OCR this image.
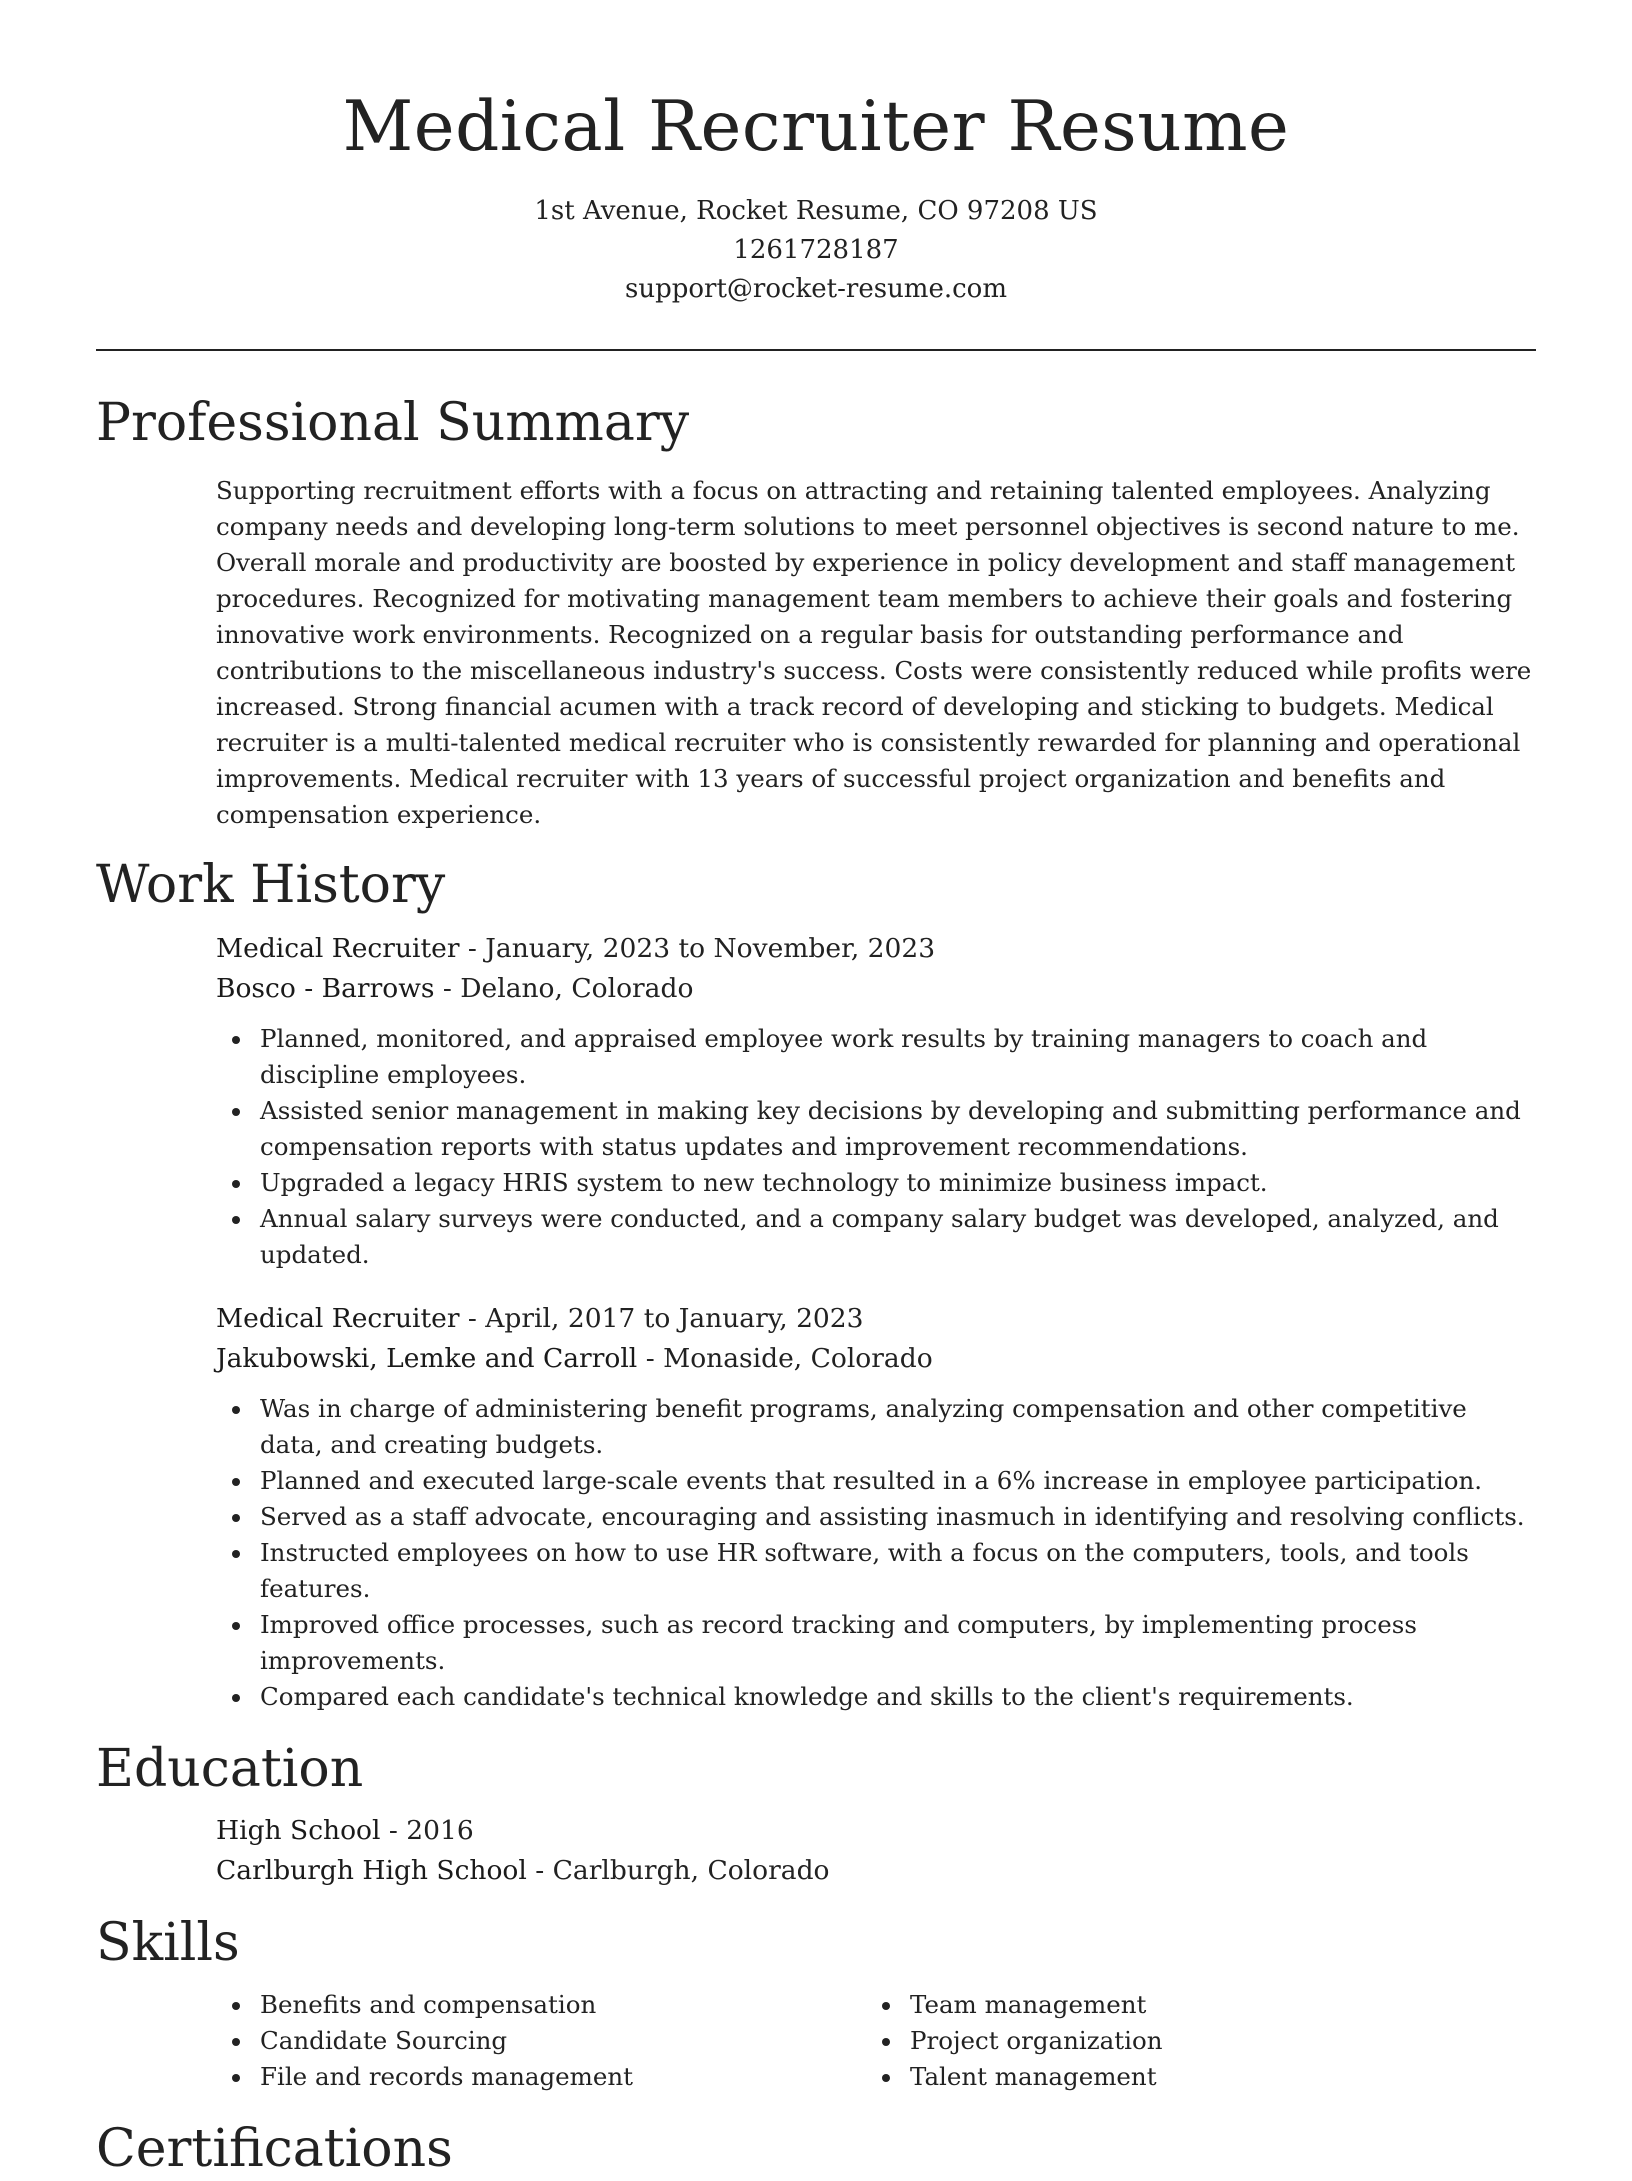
Medical Recruiter Resume
1st Avenue, Rocket Resume, CO 97208 US
1261728187
support@rocket-resume.com
Professional Summary

Supporting recruitment efforts with a focus on attracting and retaining talented employees. Analyzing company needs and developing long-term solutions to meet personnel objectives is second nature to me. Overall morale and productivity are boosted by experience in policy development and staff management procedures. Recognized for motivating management team members to achieve their goals and fostering innovative work environments. Recognized on a regular basis for outstanding performance and contributions to the miscellaneous industry's success. Costs were consistently reduced while profits were increased. Strong financial acumen with a track record of developing and sticking to budgets. Medical recruiter is a multi-talented medical recruiter who is consistently rewarded for planning and operational improvements. Medical recruiter with 13 years of successful project organization and benefits and compensation experience.

Work History
Medical Recruiter - January, 2023 to November, 2023
Bosco - Barrows - Delano, Colorado
Planned, monitored, and appraised employee work results by training managers to coach and discipline employees.
Assisted senior management in making key decisions by developing and submitting performance and compensation reports with status updates and improvement recommendations.
Upgraded a legacy HRIS system to new technology to minimize business impact.
Annual salary surveys were conducted, and a company salary budget was developed, analyzed, and updated.
Medical Recruiter - April, 2017 to January, 2023
Jakubowski, Lemke and Carroll - Monaside, Colorado
Was in charge of administering benefit programs, analyzing compensation and other competitive data, and creating budgets.
Planned and executed large-scale events that resulted in a 6% increase in employee participation.
Served as a staff advocate, encouraging and assisting inasmuch in identifying and resolving conflicts.
Instructed employees on how to use HR software, with a focus on the computers, tools, and tools features.
Improved office processes, such as record tracking and computers, by implementing process improvements.
Compared each candidate's technical knowledge and skills to the client's requirements.
Education
High School - 2016
Carlburgh High School - Carlburgh, Colorado
Skills
Benefits and compensation
Candidate Sourcing
File and records management
Team management
Project organization
Talent management
Certifications
